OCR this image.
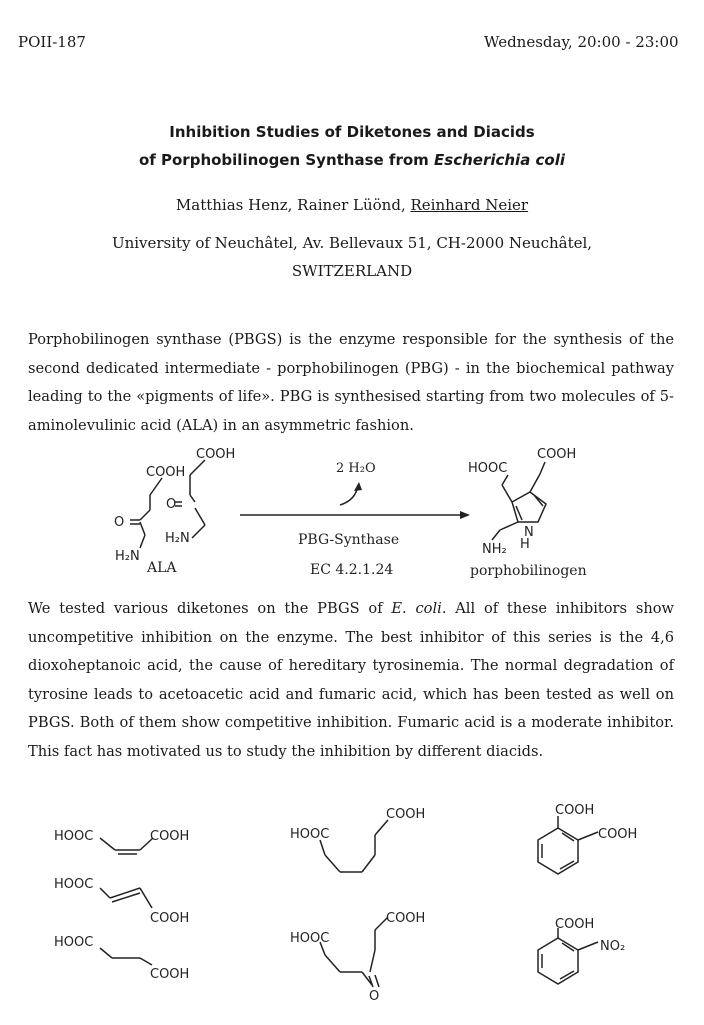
POII-187	Wednesday, 20:00 - 23:00
Inhibition Studies of Diketones and Diacids
of Porphobilinogen Synthase from Escherichia coli
Matthias Henz, Rainer Lüönd, Reinhard Neier
University of Neuchâtel, Av. Bellevaux 51, CH-2000 Neuchâtel,
SWITZERLAND
Porphobilinogen synthase (PBGS) is the enzyme responsible for the synthesis of the second dedicated intermediate - porphobilinogen (PBG) - in the biochemical pathway leading to the «pigments of life». PBG is synthesised starting from two molecules of 5-aminolevulinic acid (ALA) in an asymmetric fashion.
COOH
COOH
O
O
H₂N
H₂N
2 H₂O	HOOC
COOH
N
H
NH₂
ALA
PBG-Synthase
EC 4.2.1.24	porphobilinogen
We tested various diketones on the PBGS of E. coli. All of these inhibitors show uncompetitive inhibition on the enzyme. The best inhibitor of this series is the 4,6 dioxoheptanoic acid, the cause of hereditary tyrosinemia. The normal degradation of tyrosine leads to acetoacetic acid and fumaric acid, which has been tested as well on PBGS. Both of them show competitive inhibition. Fumaric acid is a moderate inhibitor. This fact has motivated us to study the inhibition by different diacids.
HOOC	COOH
HOOC
COOH
HOOC
COOH
HOOC
COOH
HOOC
COOH
O
COOH
COOH
COOH
NO₂
